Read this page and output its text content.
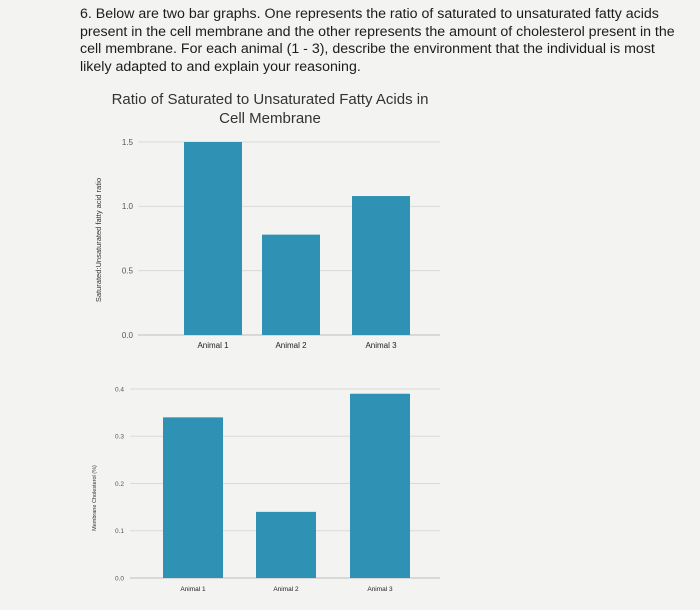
6. Below are two bar graphs. One represents the ratio of saturated to unsaturated fatty acids present in the cell membrane and the other represents the amount of cholesterol present in the cell membrane. For each animal (1 - 3), describe the environment that the individual is most likely adapted to and explain your reasoning.

Ratio of Saturated to Unsaturated Fatty Acids in
Cell Membrane
0.0
0.5
1.0
1.5
Animal 1	Animal 2	Animal 3
Saturated:Unsaturated fatty acid ratio
0.0
0.1
0.2
0.3
0.4
Animal 1	Animal 2	Animal 3
Membrane Cholesterol (%)
